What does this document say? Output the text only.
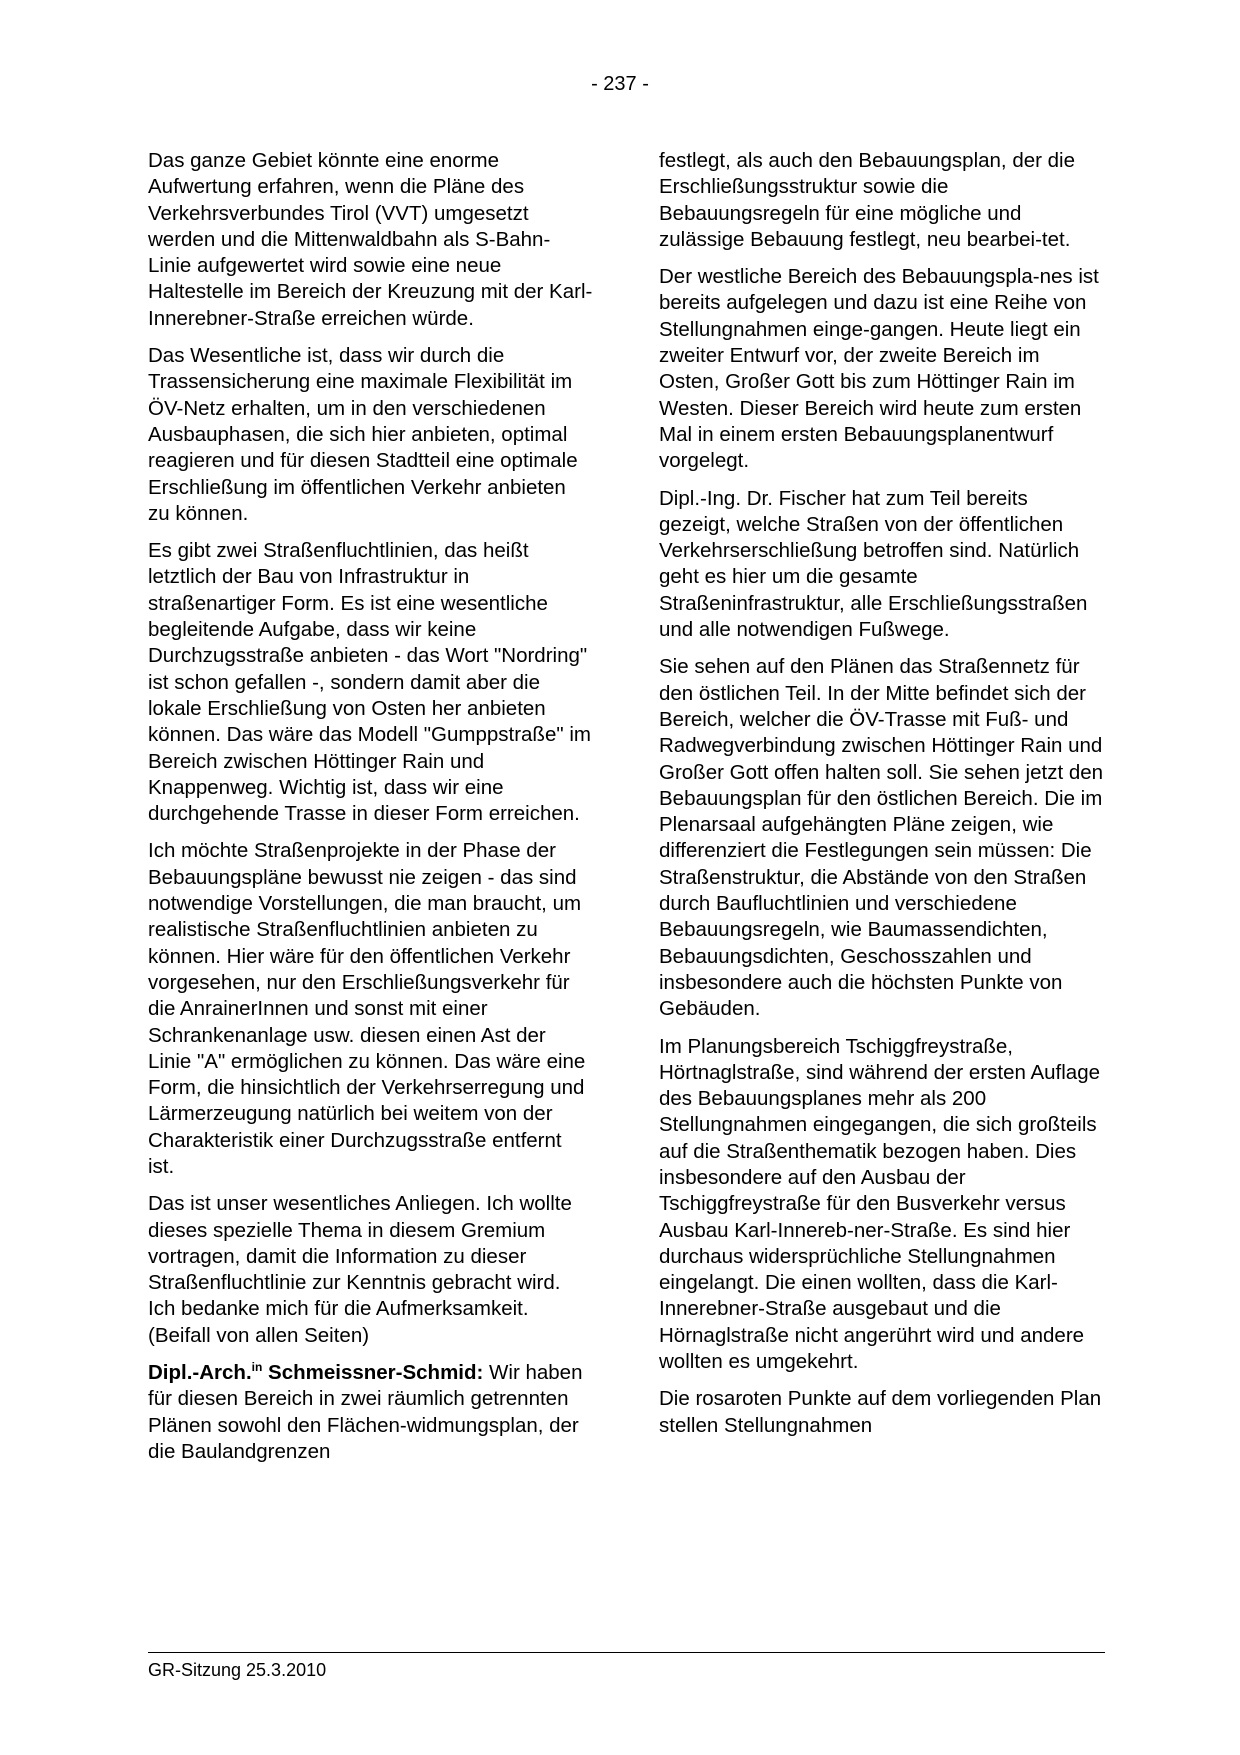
- 237 -

Das ganze Gebiet könnte eine enorme Aufwertung erfahren, wenn die Pläne des Verkehrsverbundes Tirol (VVT) umgesetzt werden und die Mittenwaldbahn als S-Bahn-Linie aufgewertet wird sowie eine neue Haltestelle im Bereich der Kreuzung mit der Karl-Innerebner-Straße erreichen würde.

Das Wesentliche ist, dass wir durch die Trassensicherung eine maximale Flexibilität im ÖV-Netz erhalten, um in den verschiedenen Ausbauphasen, die sich hier anbieten, optimal reagieren und für diesen Stadtteil eine optimale Erschließung im öffentlichen Verkehr anbieten zu können.

Es gibt zwei Straßenfluchtlinien, das heißt letztlich der Bau von Infrastruktur in straßenartiger Form. Es ist eine wesentliche begleitende Aufgabe, dass wir keine Durchzugsstraße anbieten - das Wort "Nordring" ist schon gefallen -, sondern damit aber die lokale Erschließung von Osten her anbieten können. Das wäre das Modell "Gumppstraße" im Bereich zwischen Höttinger Rain und Knappenweg. Wichtig ist, dass wir eine durchgehende Trasse in dieser Form erreichen.

Ich möchte Straßenprojekte in der Phase der Bebauungspläne bewusst nie zeigen - das sind notwendige Vorstellungen, die man braucht, um realistische Straßenfluchtlinien anbieten zu können. Hier wäre für den öffentlichen Verkehr vorgesehen, nur den Erschließungsverkehr für die AnrainerInnen und sonst mit einer Schrankenanlage usw. diesen einen Ast der Linie "A" ermöglichen zu können. Das wäre eine Form, die hinsichtlich der Verkehrserregung und Lärmerzeugung natürlich bei weitem von der Charakteristik einer Durchzugsstraße entfernt ist.

Das ist unser wesentliches Anliegen. Ich wollte dieses spezielle Thema in diesem Gremium vortragen, damit die Information zu dieser Straßenfluchtlinie zur Kenntnis gebracht wird. Ich bedanke mich für die Aufmerksamkeit. (Beifall von allen Seiten)

Dipl.-Arch.$^{in}$ Schmeissner-Schmid: Wir haben für diesen Bereich in zwei räumlich getrennten Plänen sowohl den Flächen-widmungsplan, der die Baulandgrenzen

festlegt, als auch den Bebauungsplan, der die Erschließungsstruktur sowie die Bebauungsregeln für eine mögliche und zulässige Bebauung festlegt, neu bearbei-tet.

Der westliche Bereich des Bebauungspla-nes ist bereits aufgelegen und dazu ist eine Reihe von Stellungnahmen einge-gangen. Heute liegt ein zweiter Entwurf vor, der zweite Bereich im Osten, Großer Gott bis zum Höttinger Rain im Westen. Dieser Bereich wird heute zum ersten Mal in einem ersten Bebauungsplanentwurf vorgelegt.

Dipl.-Ing. Dr. Fischer hat zum Teil bereits gezeigt, welche Straßen von der öffentlichen Verkehrserschließung betroffen sind. Natürlich geht es hier um die gesamte Straßeninfrastruktur, alle Erschließungsstraßen und alle notwendigen Fußwege.

Sie sehen auf den Plänen das Straßennetz für den östlichen Teil. In der Mitte befindet sich der Bereich, welcher die ÖV-Trasse mit Fuß- und Radwegverbindung zwischen Höttinger Rain und Großer Gott offen halten soll. Sie sehen jetzt den Bebauungsplan für den östlichen Bereich. Die im Plenarsaal aufgehängten Pläne zeigen, wie differenziert die Festlegungen sein müssen: Die Straßenstruktur, die Abstände von den Straßen durch Baufluchtlinien und verschiedene Bebauungsregeln, wie Baumassendichten, Bebauungsdichten, Geschosszahlen und insbesondere auch die höchsten Punkte von Gebäuden.

Im Planungsbereich Tschiggfreystraße, Hörtnaglstraße, sind während der ersten Auflage des Bebauungsplanes mehr als 200 Stellungnahmen eingegangen, die sich großteils auf die Straßenthematik bezogen haben. Dies insbesondere auf den Ausbau der Tschiggfreystraße für den Busverkehr versus Ausbau Karl-Innereb-ner-Straße. Es sind hier durchaus widersprüchliche Stellungnahmen eingelangt. Die einen wollten, dass die Karl-Innerebner-Straße ausgebaut und die Hörnaglstraße nicht angerührt wird und andere wollten es umgekehrt.

Die rosaroten Punkte auf dem vorliegenden Plan stellen Stellungnahmen

GR-Sitzung 25.3.2010
